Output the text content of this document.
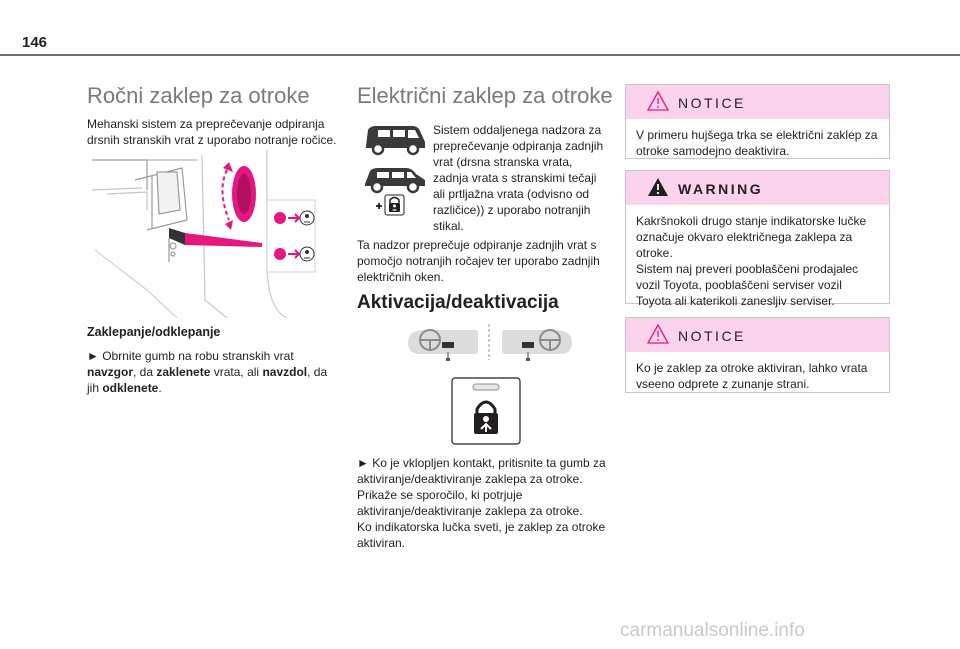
146
Ročni zaklep za otroke
Mehanski sistem za preprečevanje odpiranja drsnih stranskih vrat z uporabo notranje ročice.
Zaklepanje/odklepanje
► Obrnite gumb na robu stranskih vrat navzgor, da zaklenete vrata, ali navzdol, da jih odklenete.
Električni zaklep za otroke
Sistem oddaljenega nadzora za preprečevanje odpiranja zadnjih vrat (drsna stranska vrata, zadnja vrata s stranskimi tečaji ali prtljažna vrata (odvisno od različice)) z uporabo notranjih stikal.
Ta nadzor preprečuje odpiranje zadnjih vrat s pomočjo notranjih ročajev ter uporabo zadnjih električnih oken.
Aktivacija/deaktivacija
► Ko je vklopljen kontakt, pritisnite ta gumb za aktiviranje/deaktiviranje zaklepa za otroke.
Prikaže se sporočilo, ki potrjuje aktiviranje/deaktiviranje zaklepa za otroke.
Ko indikatorska lučka sveti, je zaklep za otroke aktiviran.
NOTICE
V primeru hujšega trka se električni zaklep za otroke samodejno deaktivira.
WARNING
Kakršnokoli drugo stanje indikatorske lučke označuje okvaro električnega zaklepa za otroke.
Sistem naj preveri pooblaščeni prodajalec vozil Toyota, pooblaščeni serviser vozil Toyota ali katerikoli zanesljiv serviser.
NOTICE
Ko je zaklep za otroke aktiviran, lahko vrata vseeno odprete z zunanje strani.
carmanualsonline.info
